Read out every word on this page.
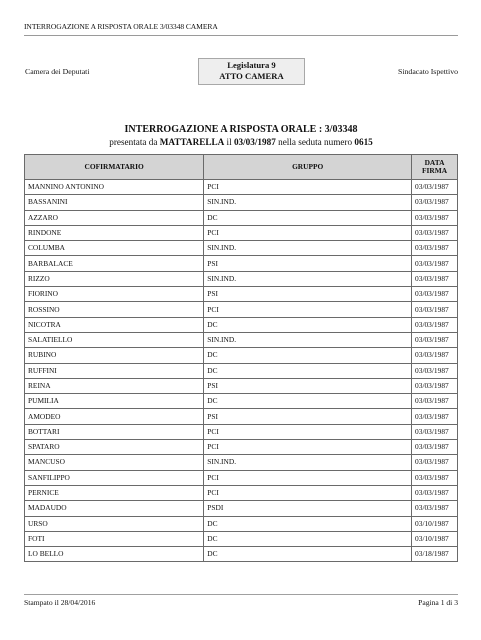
INTERROGAZIONE A RISPOSTA ORALE 3/03348 CAMERA
Camera dei Deputati
Legislatura 9
ATTO CAMERA	Sindacato Ispettivo
INTERROGAZIONE A RISPOSTA ORALE : 3/03348
presentata da MATTARELLA il 03/03/1987 nella seduta numero 0615
COFIRMATARIO	GRUPPO	DATA
FIRMA

MANNINO ANTONINO	PCI	03/03/1987
BASSANINI	SIN.IND.	03/03/1987
AZZARO	DC	03/03/1987
RINDONE	PCI	03/03/1987
COLUMBA	SIN.IND.	03/03/1987
BARBALACE	PSI	03/03/1987
RIZZO	SIN.IND.	03/03/1987
FIORINO	PSI	03/03/1987
ROSSINO	PCI	03/03/1987
NICOTRA	DC	03/03/1987
SALATIELLO	SIN.IND.	03/03/1987
RUBINO	DC	03/03/1987
RUFFINI	DC	03/03/1987
REINA	PSI	03/03/1987
PUMILIA	DC	03/03/1987
AMODEO	PSI	03/03/1987
BOTTARI	PCI	03/03/1987
SPATARO	PCI	03/03/1987
MANCUSO	SIN.IND.	03/03/1987
SANFILIPPO	PCI	03/03/1987
PERNICE	PCI	03/03/1987
MADAUDO	PSDI	03/03/1987
URSO	DC	03/10/1987
FOTI	DC	03/10/1987
LO BELLO	DC	03/18/1987
Stampato il 28/04/2016	Pagina 1 di 3
